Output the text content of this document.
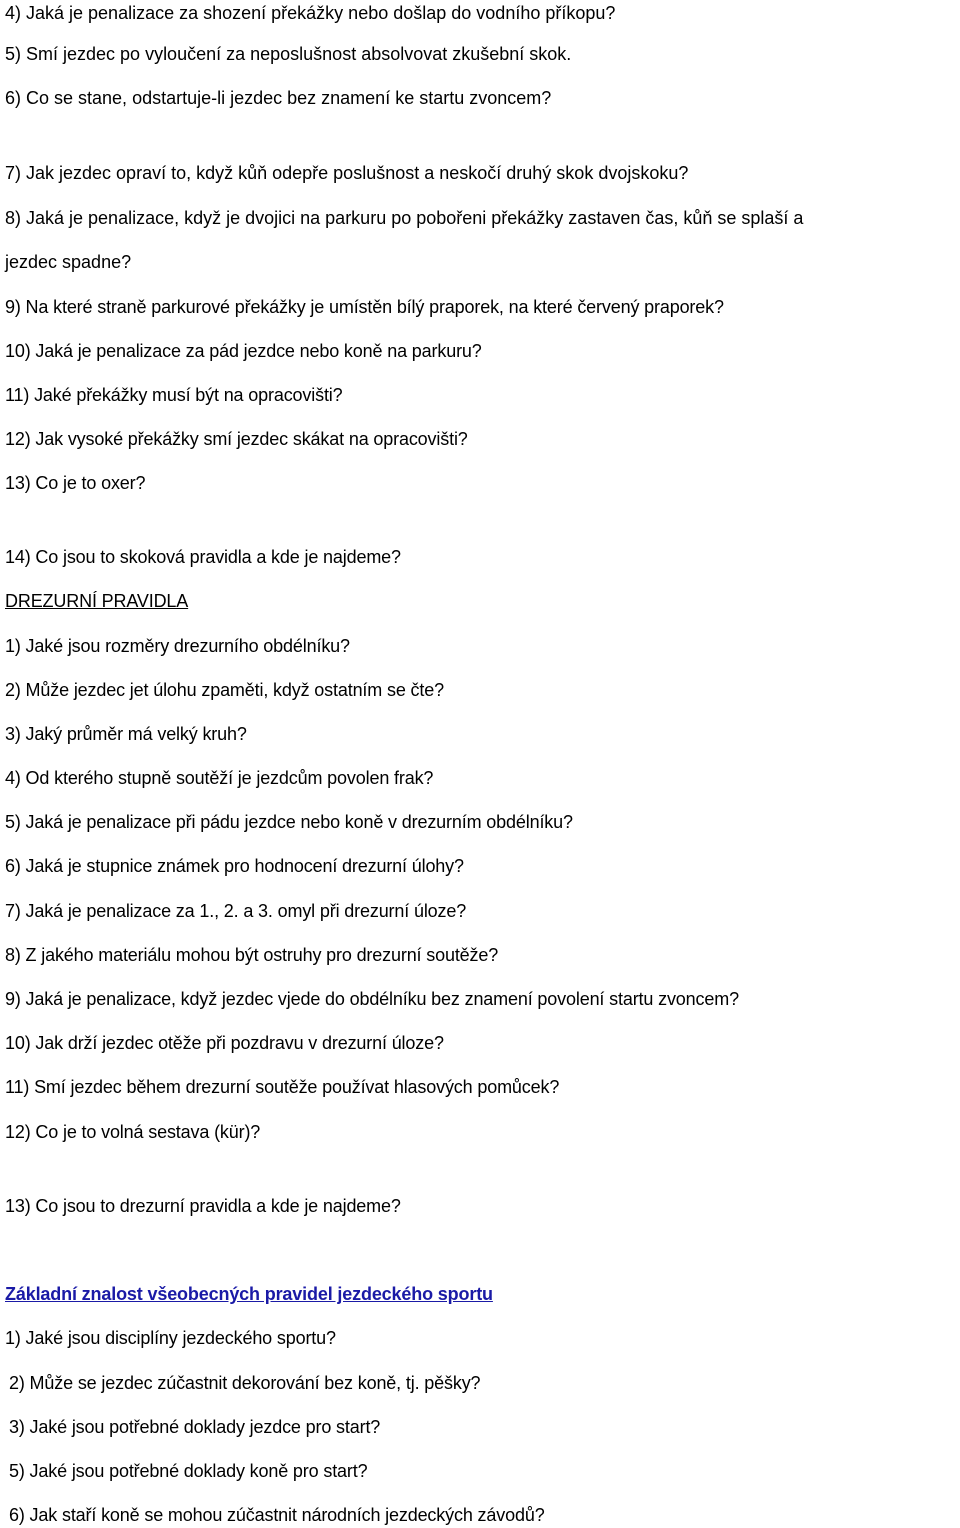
4) Jaká je penalizace za shození překážky nebo došlap do vodního příkopu?
5) Smí jezdec po vyloučení za neposlušnost absolvovat zkušební skok.
6) Co se stane, odstartuje-li jezdec bez znamení ke startu zvoncem?
7) Jak jezdec opraví to, když kůň odepře poslušnost a neskočí druhý skok dvojskoku?
8) Jaká je penalizace, když je dvojici na parkuru po pobořeni překážky zastaven čas, kůň se splaší a
jezdec spadne?
9) Na které straně parkurové překážky je umístěn bílý praporek, na které červený praporek?
10) Jaká je penalizace za pád jezdce nebo koně na parkuru?
11) Jaké překážky musí být na opracovišti?
12) Jak vysoké překážky smí jezdec skákat na opracovišti?
13) Co je to oxer?
14) Co jsou to skoková pravidla a kde je najdeme?
DREZURNÍ PRAVIDLA
1) Jaké jsou rozměry drezurního obdélníku?
2) Může jezdec jet úlohu zpaměti, když ostatním se čte?
3) Jaký průměr má velký kruh?
4) Od kterého stupně soutěží je jezdcům povolen frak?
5) Jaká je penalizace při pádu jezdce nebo koně v drezurním obdélníku?
6) Jaká je stupnice známek pro hodnocení drezurní úlohy?
7) Jaká je penalizace za 1., 2. a 3. omyl při drezurní úloze?
8) Z jakého materiálu mohou být ostruhy pro drezurní soutěže?
9) Jaká je penalizace, když jezdec vjede do obdélníku bez znamení povolení startu zvoncem?
10) Jak drží jezdec otěže při pozdravu v drezurní úloze?
11) Smí jezdec během drezurní soutěže používat hlasových pomůcek?
12) Co je to volná sestava (kür)?
13) Co jsou to drezurní pravidla a kde je najdeme?
Základní znalost všeobecných pravidel jezdeckého sportu
1) Jaké jsou disciplíny jezdeckého sportu?
2) Může se jezdec zúčastnit dekorování bez koně, tj. pěšky?
3) Jaké jsou potřebné doklady jezdce pro start?
5) Jaké jsou potřebné doklady koně pro start?
6) Jak staří koně se mohou zúčastnit národních jezdeckých závodů?
